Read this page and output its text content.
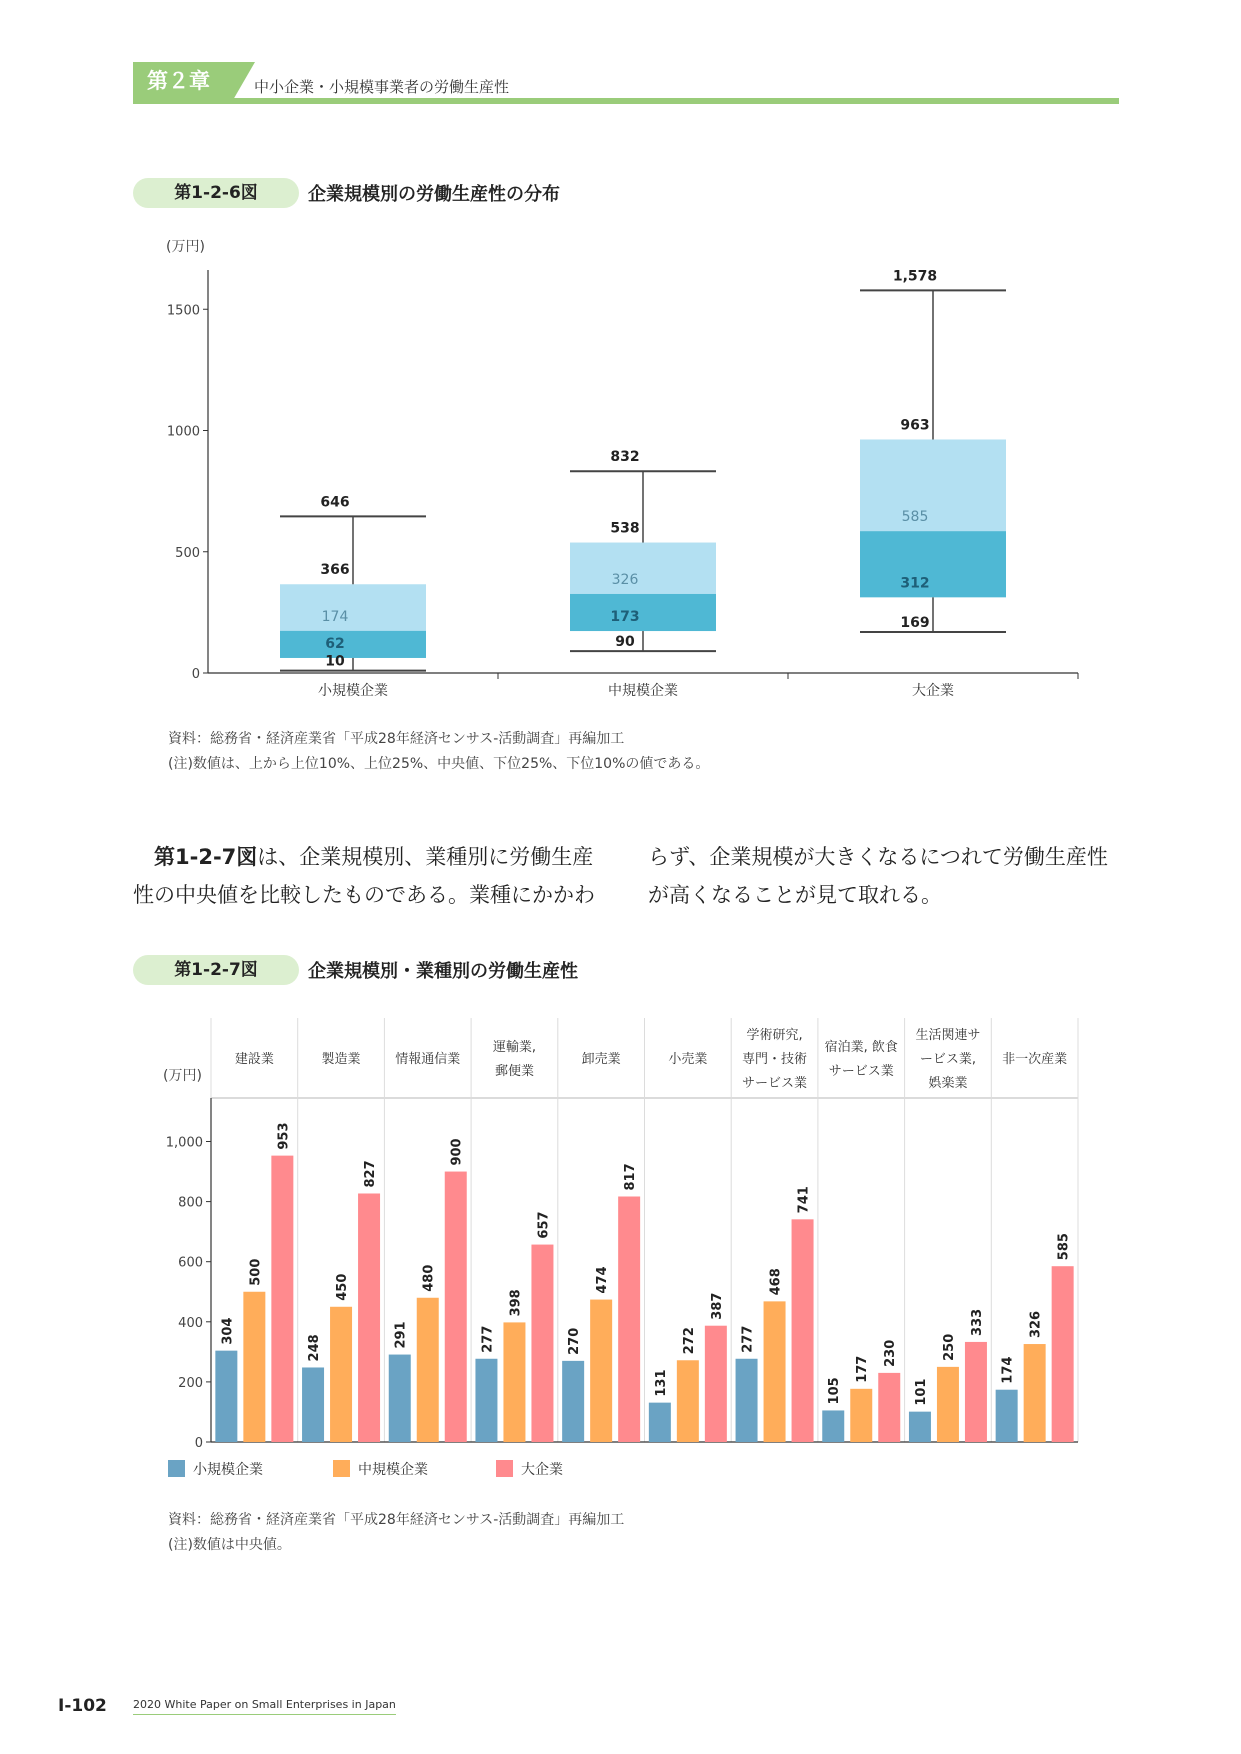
第２章	中小企業・小規模事業者の労働生産性
第1-2-6図	企業規模別の労働生産性の分布
(万円)
0
500
1000
1500
646
366
174
62
10
小規模企業
832
538
326
173
90
中規模企業
1,578
963
585
312
169
大企業
資料：総務省・経済産業省「平成28年経済センサス‐活動調査」再編加工
(注)数値は、上から上位10%、上位25%、中央値、下位25%、下位10%の値である。
第1-2-7図は、企業規模別、業種別に労働生産性の中央値を比較したものである。業種にかかわ
らず、企業規模が大きくなるにつれて労働生産性が高くなることが見て取れる。
第1-2-7図	企業規模別・業種別の労働生産性
(万円)
0
200
400
600
800
1,000
建設業
304
500
953
製造業
248
450
827
情報通信業
291
480
900
運輸業,
郵便業
277
398
657
卸売業
270
474
817
小売業
131
272
387
学術研究,
専門・技術
サービス業
277
468
741
宿泊業, 飲食
サービス業
105
177
230
生活関連サ
ービス業,
娯楽業
101
250
333
非一次産業
174
326
585
小規模企業	中規模企業	大企業
資料：総務省・経済産業省「平成28年経済センサス‐活動調査」再編加工
(注)数値は中央値。
I-102 2020 White Paper on Small Enterprises in Japan
